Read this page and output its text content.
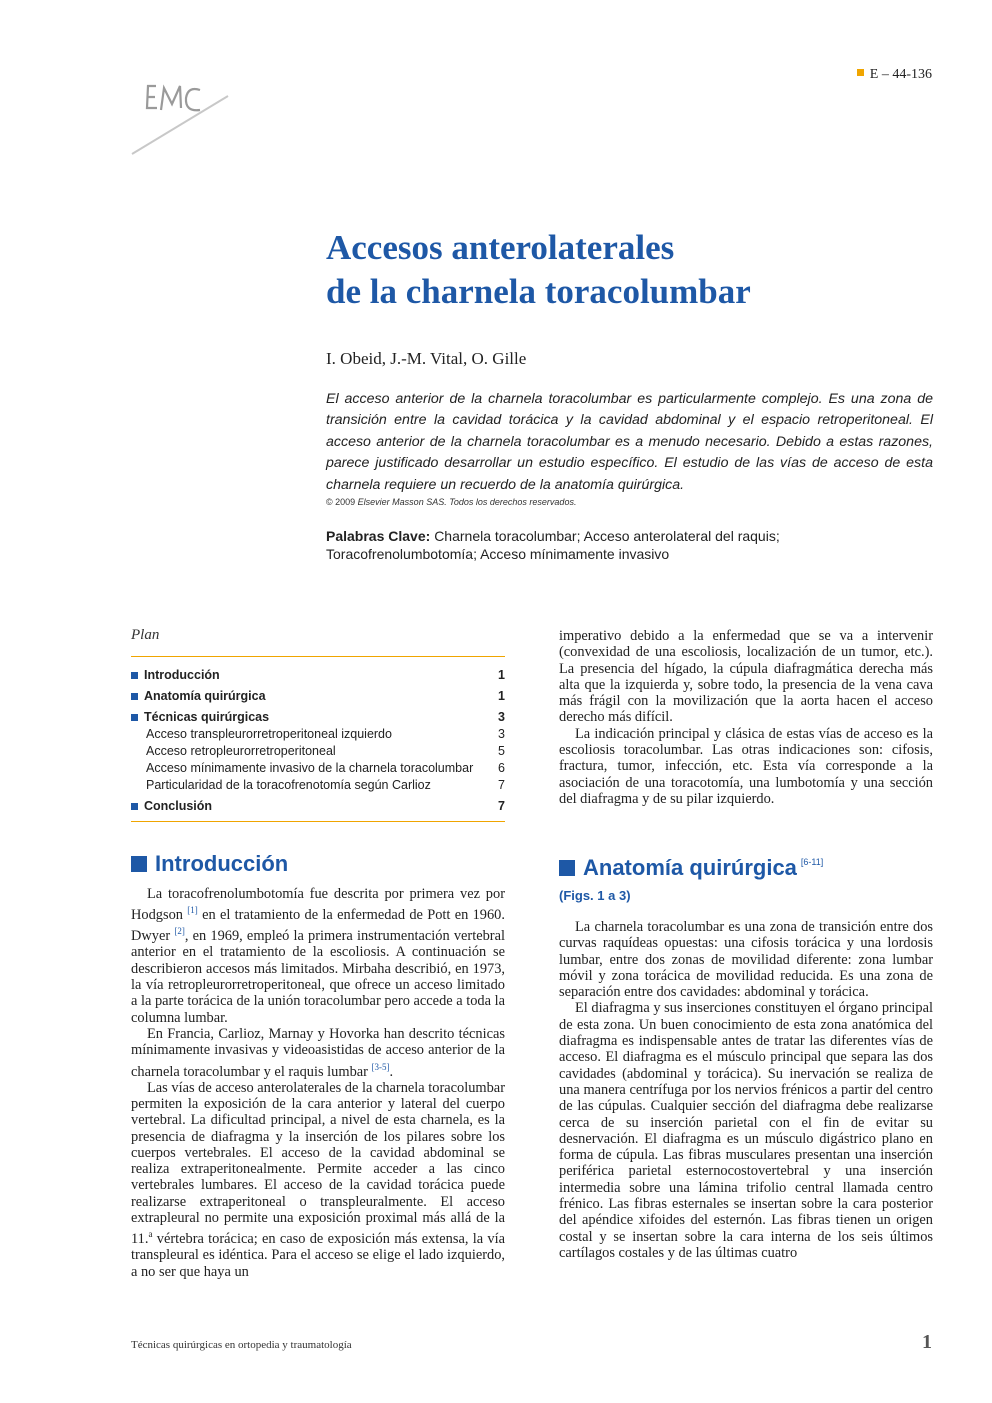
E – 44-136
Accesos anterolaterales
de la charnela toracolumbar
I. Obeid, J.-M. Vital, O. Gille

El acceso anterior de la charnela toracolumbar es particularmente complejo. Es una zona de transición entre la cavidad torácica y la cavidad abdominal y el espacio retroperitoneal. El acceso anterior de la charnela toracolumbar es a menudo necesario. Debido a estas razones, parece justificado desarrollar un estudio específico. El estudio de las vías de acceso de esta charnela requiere un recuerdo de la anatomía quirúrgica.

© 2009 Elsevier Masson SAS. Todos los derechos reservados.

Palabras Clave: Charnela toracolumbar; Acceso anterolateral del raquis; Toracofrenolumbotomía; Acceso mínimamente invasivo

Plan
Introducción	1
Anatomía quirúrgica	1
Técnicas quirúrgicas	3
Acceso transpleurorretroperitoneal izquierdo	3
Acceso retropleurorretroperitoneal	5
Acceso mínimamente invasivo de la charnela toracolumbar 6
Particularidad de la toracofrenotomía según Carlioz	7
Conclusión	7
Introducción

La toracofrenolumbotomía fue descrita por primera vez por Hodgson [1] en el tratamiento de la enfermedad de Pott en 1960. Dwyer [2], en 1969, empleó la primera instrumentación vertebral anterior en el tratamiento de la escoliosis. A continuación se describieron accesos más limitados. Mirbaha describió, en 1973, la vía retropleurorretroperitoneal, que ofrece un acceso limitado a la parte torácica de la unión toracolumbar pero accede a toda la columna lumbar.

En Francia, Carlioz, Marnay y Hovorka han descrito técnicas mínimamente invasivas y videoasistidas de acceso anterior de la charnela toracolumbar y el raquis lumbar [3-5].

Las vías de acceso anterolaterales de la charnela toracolumbar permiten la exposición de la cara anterior y lateral del cuerpo vertebral. La dificultad principal, a nivel de esta charnela, es la presencia de diafragma y la inserción de los pilares sobre los cuerpos vertebrales. El acceso de la cavidad abdominal se realiza extraperitonealmente. Permite acceder a las cinco vertebrales lumbares. El acceso de la cavidad torácica puede realizarse extraperitoneal o transpleuralmente. El acceso extrapleural no permite una exposición proximal más allá de la 11.$^a$ vértebra torácica; en caso de exposición más extensa, la vía transpleural es idéntica. Para el acceso se elige el lado izquierdo, a no ser que haya un

imperativo debido a la enfermedad que se va a intervenir (convexidad de una escoliosis, localización de un tumor, etc.). La presencia del hígado, la cúpula diafragmática derecha más alta que la izquierda y, sobre todo, la presencia de la vena cava más frágil con la movilización que la aorta hacen el acceso derecho más difícil.

La indicación principal y clásica de estas vías de acceso es la escoliosis toracolumbar. Las otras indicaciones son: cifosis, fractura, tumor, infección, etc. Esta vía corresponde a la asociación de una toracotomía, una lumbotomía y una sección del diafragma y de su pilar izquierdo.

Anatomía quirúrgica [6-11]
(Figs. 1 a 3)

La charnela toracolumbar es una zona de transición entre dos curvas raquídeas opuestas: una cifosis torácica y una lordosis lumbar, entre dos zonas de movilidad diferente: zona lumbar móvil y zona torácica de movilidad reducida. Es una zona de separación entre dos cavidades: abdominal y torácica.

El diafragma y sus inserciones constituyen el órgano principal de esta zona. Un buen conocimiento de esta zona anatómica del diafragma es indispensable antes de tratar las diferentes vías de acceso. El diafragma es el músculo principal que separa las dos cavidades (abdominal y torácica). Su inervación se realiza de una manera centrífuga por los nervios frénicos a partir del centro de las cúpulas. Cualquier sección del diafragma debe realizarse cerca de su inserción parietal con el fin de evitar su desnervación. El diafragma es un músculo digástrico plano en forma de cúpula. Las fibras musculares presentan una inserción periférica parietal esternocostovertebral y una inserción intermedia sobre una lámina trifolio central llamada centro frénico. Las fibras esternales se insertan sobre la cara posterior del apéndice xifoides del esternón. Las fibras tienen un origen costal y se insertan sobre la cara interna de los seis últimos cartílagos costales y de las últimas cuatro

Técnicas quirúrgicas en ortopedia y traumatología	1
